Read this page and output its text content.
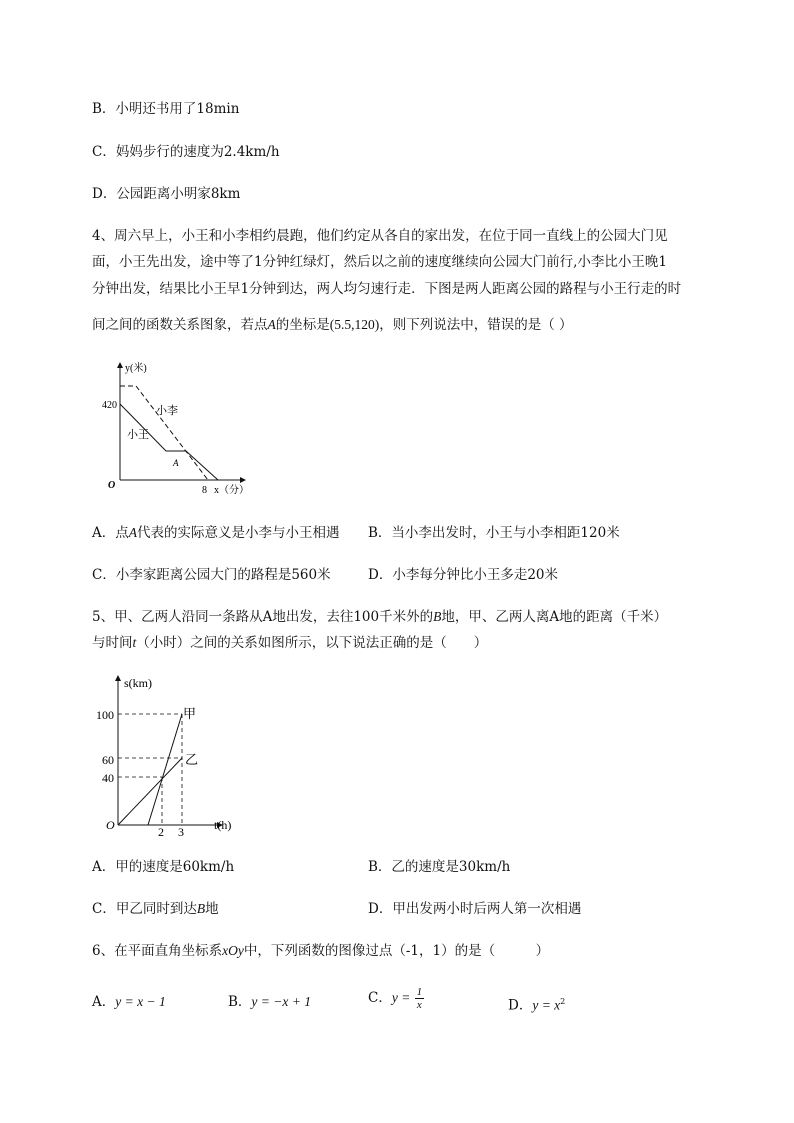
B．小明还书用了18min
C．妈妈步行的速度为2.4km/h
D．公园距离小明家8km
4、周六早上，小王和小李相约晨跑，他们约定从各自的家出发，在位于同一直线上的公园大门见
面，小王先出发，途中等了1分钟红绿灯，然后以之前的速度继续向公园大门前行,小李比小王晚1
分钟出发，结果比小王早1分钟到达，两人均匀速行走．下图是两人距离公园的路程与小王行走的时
间之间的函数关系图象，若点A的坐标是(5.5,120)，则下列说法中，错误的是（ ）
y(米)
x（分）
420
8
O
小李
小王
A
A．点A代表的实际意义是小李与小王相遇 B．当小李出发时，小王与小李相距120米
C．小李家距离公园大门的路程是560米	D．小李每分钟比小王多走20米
5、甲、乙两人沿同一条路从A地出发，去往100千米外的B地，甲、乙两人离A地的距离（千米）
与时间t（小时）之间的关系如图所示，以下说法正确的是（　　）
s(km)
t(h)
100
60
40
2 3
O
甲
乙
A．甲的速度是60km/h	B．乙的速度是30km/h
C．甲乙同时到达B地	D．甲出发两小时后两人第一次相遇
6、在平面直角坐标系xOy中，下列函数的图像过点（-1，1）的是（　　　）
A．y = x − 1	B．y = −x + 1	C．$y = \frac{1}{x}$	D．$y = x^2$
